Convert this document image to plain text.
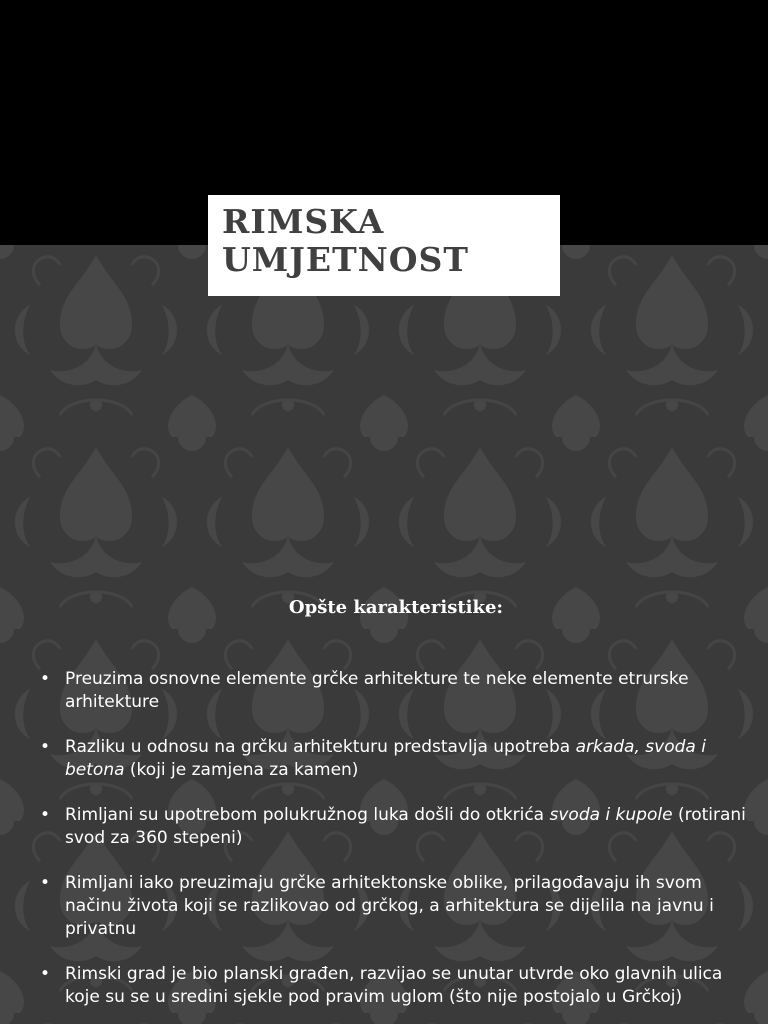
RIMSKA
UMJETNOST
Opšte karakteristike:
• Preuzima osnovne elemente grčke arhitekture te neke elemente etrurske arhitekture
• Razliku u odnosu na grčku arhitekturu predstavlja upotreba arkada, svoda i betona (koji je zamjena za kamen)
• Rimljani su upotrebom polukružnog luka došli do otkrića svoda i kupole (rotirani svod za 360 stepeni)
• Rimljani iako preuzimaju grčke arhitektonske oblike, prilagođavaju ih svom načinu života koji se razlikovao od grčkog, a arhitektura se dijelila na javnu i privatnu
• Rimski grad je bio planski građen, razvijao se unutar utvrde oko glavnih ulica koje su se u sredini sjekle pod pravim uglom (što nije postojalo u Grčkoj)
